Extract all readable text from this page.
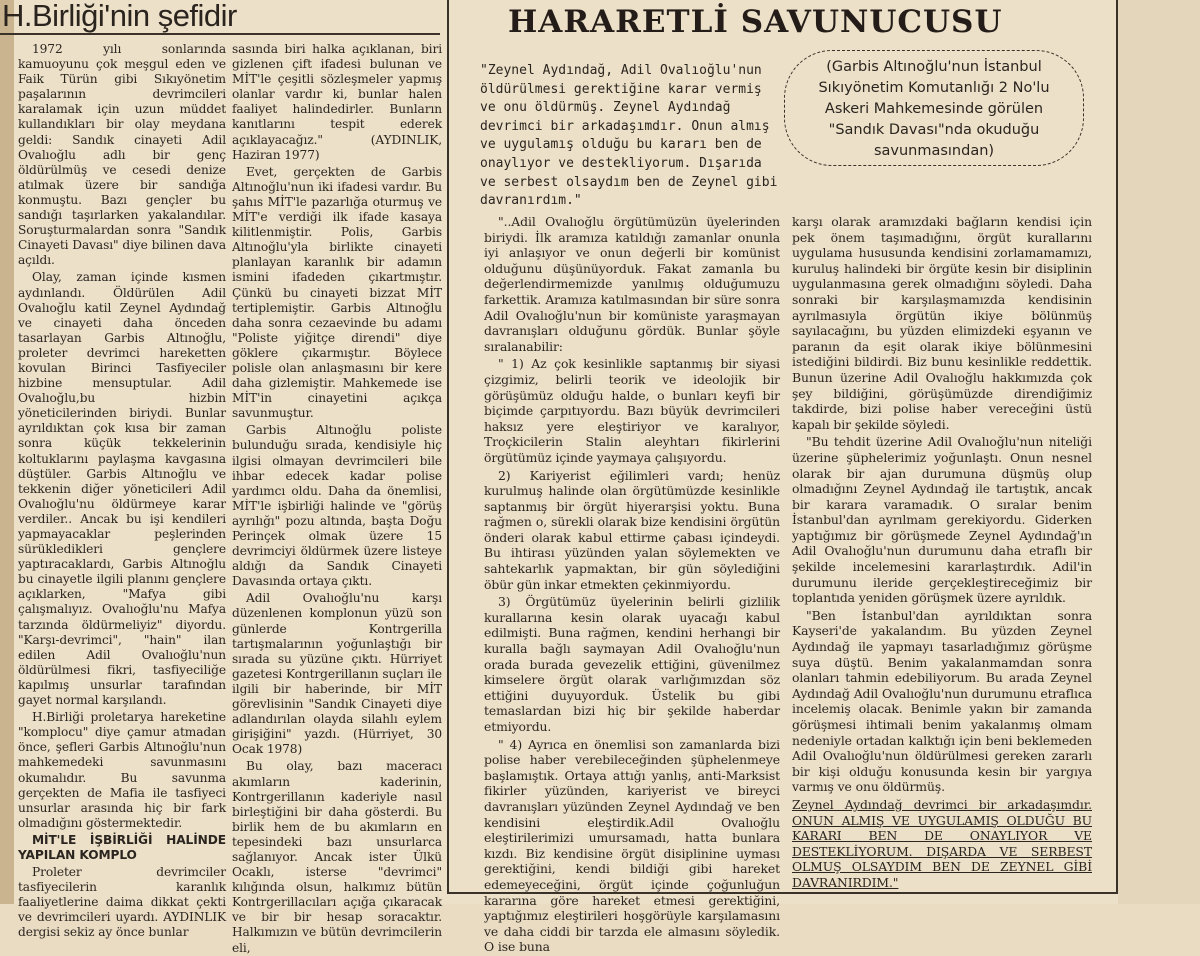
H.Birliği'nin şefidir

1972 yılı sonlarında kamuoyunu çok meşgul eden ve Faik Türün gibi Sıkıyönetim paşalarının devrimcileri karalamak için uzun müddet kullandıkları bir olay meydana geldi: Sandık cinayeti Adil Ovalıoğlu adlı bir genç öldürülmüş ve cesedi denize atılmak üzere bir sandığa konmuştu. Bazı gençler bu sandığı taşırlarken yakalandılar. Soruşturmalardan sonra "Sandık Cinayeti Davası" diye bilinen dava açıldı.

Olay, zaman içinde kısmen aydınlandı. Öldürülen Adil Ovalıoğlu katil Zeynel Aydındağ ve cinayeti daha önceden tasarlayan Garbis Altınoğlu, proleter devrimci hareketten kovulan Birinci Tasfiyeciler hizbine mensuptular. Adil Ovalıoğlu,bu hizbin yöneticilerinden biriydi. Bunlar ayrıldıktan çok kısa bir zaman sonra küçük tekkelerinin koltuklarını paylaşma kavgasına düştüler. Garbis Altınoğlu ve tekkenin diğer yöneticileri Adil Ovalıoğlu'nu öldürmeye karar verdiler.. Ancak bu işi kendileri yapmayacaklar peşlerinden sürükledikleri gençlere yaptıracaklardı, Garbis Altınoğlu bu cinayetle ilgili planını gençlere açıklarken, "Mafya gibi çalışmalıyız. Ovalıoğlu'nu Mafya tarzında öldürmeliyiz" diyordu. "Karşı-devrimci", "hain" ilan edilen Adil Ovalıoğlu'nun öldürülmesi fikri, tasfiyeciliğe kapılmış unsurlar tarafından gayet normal karşılandı.

H.Birliği proletarya hareketine "komplocu" diye çamur atmadan önce, şefleri Garbis Altınoğlu'nun mahkemedeki savunmasını okumalıdır. Bu savunma gerçekten de Mafia ile tasfiyeci unsurlar arasında hiç bir fark olmadığını göstermektedir.

MİT'LE İŞBİRLİĞİ HALİNDE YAPILAN KOMPLO

Proleter devrimciler tasfiyecilerin karanlık faaliyetlerine daima dikkat çekti ve devrimcileri uyardı. AYDINLIK dergisi sekiz ay önce bunlar

sasında biri halka açıklanan, biri gizlenen çift ifadesi bulunan ve MİT'le çeşitli sözleşmeler yapmış olanlar vardır ki, bunlar halen faaliyet halindedirler. Bunların kanıtlarını tespit ederek açıklayacağız." (AYDINLIK, Haziran 1977)

Evet, gerçekten de Garbis Altınoğlu'nun iki ifadesi vardır. Bu şahıs MİT'le pazarlığa oturmuş ve MİT'e verdiği ilk ifade kasaya kilitlenmiştir. Polis, Garbis Altınoğlu'yla birlikte cinayeti planlayan karanlık bir adamın ismini ifadeden çıkartmıştır. Çünkü bu cinayeti bizzat MİT tertiplemiştir. Garbis Altınoğlu daha sonra cezaevinde bu adamı "Poliste yiğitçe direndi" diye göklere çıkarmıştır. Böylece polisle olan anlaşmasını bir kere daha gizlemiştir. Mahkemede ise MİT'in cinayetini açıkça savunmuştur.

Garbis Altınoğlu poliste bulunduğu sırada, kendisiyle hiç ilgisi olmayan devrimcileri bile ihbar edecek kadar polise yardımcı oldu. Daha da önemlisi, MİT'le işbirliği halinde ve "görüş ayrılığı" pozu altında, başta Doğu Perinçek olmak üzere 15 devrimciyi öldürmek üzere listeye aldığı da Sandık Cinayeti Davasında ortaya çıktı.

Adil Ovalıoğlu'nu karşı düzenlenen komplonun yüzü son günlerde Kontrgerilla tartışmalarının yoğunlaştığı bir sırada su yüzüne çıktı. Hürriyet gazetesi Kontrgerillanın suçları ile ilgili bir haberinde, bir MİT görevlisinin "Sandık Cinayeti diye adlandırılan olayda silahlı eylem girişiğini" yazdı. (Hürriyet, 30 Ocak 1978)

Bu olay, bazı maceracı akımların kaderinin, Kontrgerillanın kaderiyle nasıl birleştiğini bir daha gösterdi. Bu birlik hem de bu akımların en tepesindeki bazı unsurlarca sağlanıyor. Ancak ister Ülkü Ocaklı, isterse "devrimci" kılığında olsun, halkımız bütün Kontrgerillacıları açığa çıkaracak ve bir bir hesap soracaktır. Halkımızın ve bütün devrimcilerin eli,

HARARETLİ SAVUNUCUSU
"Zeynel Aydındağ, Adil Ovalıoğlu'nun öldürülmesi gerektiğine karar vermiş ve onu öldürmüş. Zeynel Aydındağ devrimci bir arkadaşımdır. Onun almış ve uygulamış olduğu bu kararı ben de onaylıyor ve destekliyorum. Dışarıda ve serbest olsaydım ben de Zeynel gibi davranırdım."
(Garbis Altınoğlu'nun İstanbul Sıkıyönetim Komutanlığı 2 No'lu Askeri Mahkemesinde görülen "Sandık Davası"nda okuduğu savunmasından)

"..Adil Ovalıoğlu örgütümüzün üyelerinden biriydi. İlk aramıza katıldığı zamanlar onunla iyi anlaşıyor ve onun değerli bir komünist olduğunu düşünüyorduk. Fakat zamanla bu değerlendirmemizde yanılmış olduğumuzu farkettik. Aramıza katılmasından bir süre sonra Adil Ovalıoğlu'nun bir komüniste yaraşmayan davranışları olduğunu gördük. Bunlar şöyle sıralanabilir:

" 1) Az çok kesinlikle saptanmış bir siyasi çizgimiz, belirli teorik ve ideolojik bir görüşümüz olduğu halde, o bunları keyfi bir biçimde çarpıtıyordu. Bazı büyük devrimcileri haksız yere eleştiriyor ve karalıyor, Troçkicilerin Stalin aleyhtarı fikirlerini örgütümüz içinde yaymaya çalışıyordu.

2) Kariyerist eğilimleri vardı; henüz kurulmuş halinde olan örgütümüzde kesinlikle saptanmış bir örgüt hiyerarşisi yoktu. Buna rağmen o, sürekli olarak bize kendisini örgütün önderi olarak kabul ettirme çabası içindeydi. Bu ihtirası yüzünden yalan söylemekten ve sahtekarlık yapmaktan, bir gün söylediğini öbür gün inkar etmekten çekinmiyordu.

3) Örgütümüz üyelerinin belirli gizlilik kurallarına kesin olarak uyacağı kabul edilmişti. Buna rağmen, kendini herhangi bir kuralla bağlı saymayan Adil Ovalıoğlu'nun orada burada gevezelik ettiğini, güvenilmez kimselere örgüt olarak varlığımızdan söz ettiğini duyuyorduk. Üstelik bu gibi temaslardan bizi hiç bir şekilde haberdar etmiyordu.

" 4) Ayrıca en önemlisi son zamanlarda bizi polise haber verebileceğinden şüphelenmeye başlamıştık. Ortaya attığı yanlış, anti-Marksist fikirler yüzünden, kariyerist ve bireyci davranışları yüzünden Zeynel Aydındağ ve ben kendisini eleştirdik.Adil Ovalıoğlu eleştirilerimizi umursamadı, hatta bunlara kızdı. Biz kendisine örgüt disiplinine uyması gerektiğini, kendi bildiği gibi hareket edemeyeceğini, örgüt içinde çoğunluğun kararına göre hareket etmesi gerektiğini, yaptığımız eleştirileri hoşgörüyle karşılamasını ve daha ciddi bir tarzda ele almasını söyledik. O ise buna

karşı olarak aramızdaki bağların kendisi için pek önem taşımadığını, örgüt kurallarını uygulama hususunda kendisini zorlamamamızı, kuruluş halindeki bir örgüte kesin bir disiplinin uygulanmasına gerek olmadığını söyledi. Daha sonraki bir karşılaşmamızda kendisinin ayrılmasıyla örgütün ikiye bölünmüş sayılacağını, bu yüzden elimizdeki eşyanın ve paranın da eşit olarak ikiye bölünmesini istediğini bildirdi. Biz bunu kesinlikle reddettik. Bunun üzerine Adil Ovalıoğlu hakkımızda çok şey bildiğini, görüşümüzde direndiğimiz takdirde, bizi polise haber vereceğini üstü kapalı bir şekilde söyledi.

"Bu tehdit üzerine Adil Ovalıoğlu'nun niteliği üzerine şüphelerimiz yoğunlaştı. Onun nesnel olarak bir ajan durumuna düşmüş olup olmadığını Zeynel Aydındağ ile tartıştık, ancak bir karara varamadık. O sıralar benim İstanbul'dan ayrılmam gerekiyordu. Giderken yaptığımız bir görüşmede Zeynel Aydındağ'ın Adil Ovalıoğlu'nun durumunu daha etraflı bir şekilde incelemesini kararlaştırdık. Adil'in durumunu ileride gerçekleştireceğimiz bir toplantıda yeniden görüşmek üzere ayrıldık.

"Ben İstanbul'dan ayrıldıktan sonra Kayseri'de yakalandım. Bu yüzden Zeynel Aydındağ ile yapmayı tasarladığımız görüşme suya düştü. Benim yakalanmamdan sonra olanları tahmin edebiliyorum. Bu arada Zeynel Aydındağ Adil Ovalıoğlu'nun durumunu etraflıca incelemiş olacak. Benimle yakın bir zamanda görüşmesi ihtimali benim yakalanmış olmam nedeniyle ortadan kalktığı için beni beklemeden Adil Ovalıoğlu'nun öldürülmesi gereken zararlı bir kişi olduğu konusunda kesin bir yargıya varmış ve onu öldürmüş.

Zeynel Aydındağ devrimci bir arkadaşımdır. ONUN ALMIŞ VE UYGULAMIŞ OLDUĞU BU KARARI BEN DE ONAYLIYOR VE DESTEKLİYORUM. DIŞARDA VE SERBEST OLMUŞ OLSAYDIM BEN DE ZEYNEL GİBİ DAVRANIRDIM."
